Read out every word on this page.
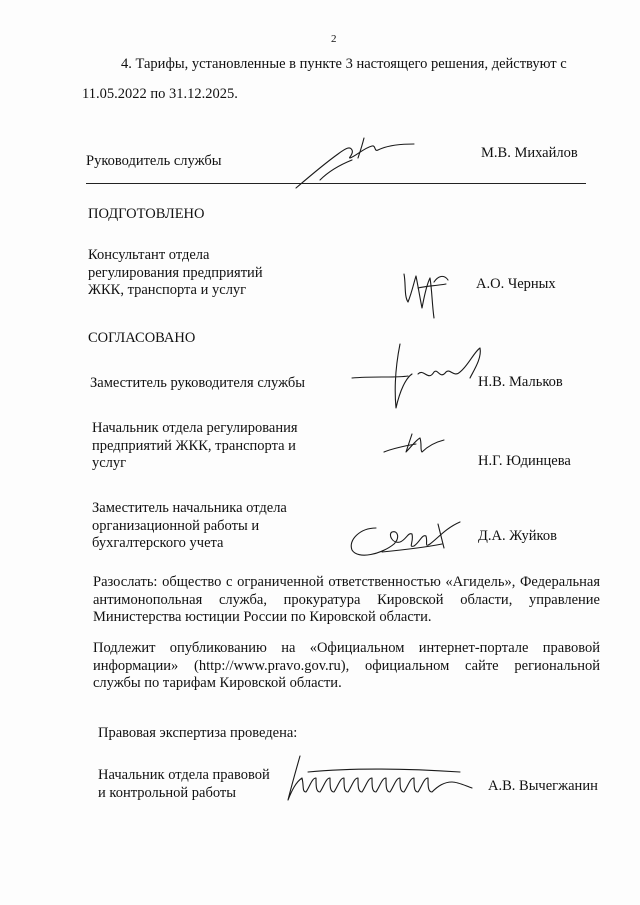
2
4. Тарифы, установленные в пункте 3 настоящего решения, действуют с
11.05.2022 по 31.12.2025.
Руководитель службы	М.В. Михайлов
ПОДГОТОВЛЕНО
Консультант отдела
регулирования предприятий
ЖКК, транспорта и услуг	А.О. Черных
СОГЛАСОВАНО
Заместитель руководителя службы	Н.В. Мальков
Начальник отдела регулирования
предприятий ЖКК, транспорта и
услуг	Н.Г. Юдинцева
Заместитель начальника отдела
организационной работы и
бухгалтерского учета	Д.А. Жуйков
Разослать: общество с ограниченной ответственностью «Агидель», Федеральная антимонопольная служба, прокуратура Кировской области, управление Министерства юстиции России по Кировской области.
Подлежит опубликованию на «Официальном интернет-портале правовой информации» (http://www.pravo.gov.ru), официальном сайте региональной службы по тарифам Кировской области.
Правовая экспертиза проведена:
Начальник отдела правовой
и контрольной работы	А.В. Вычегжанин
